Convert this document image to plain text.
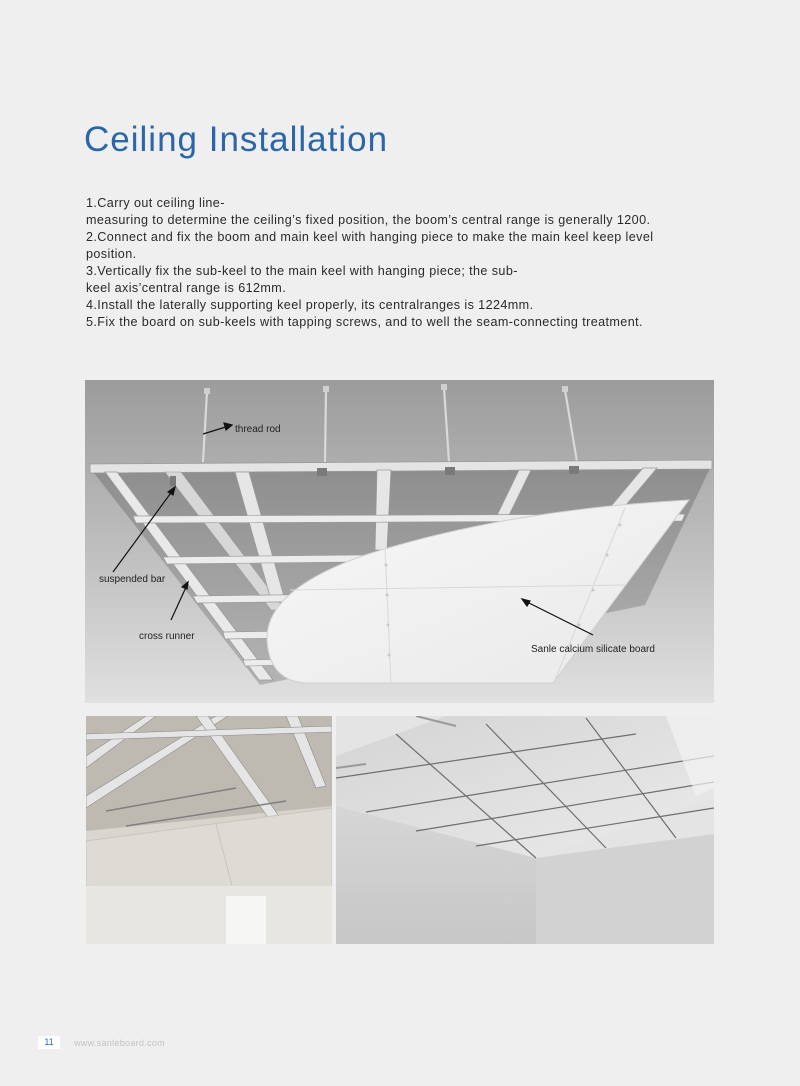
Ceiling Installation
1.Carry out ceiling line-
measuring to determine the ceiling’s fixed position, the boom’s central range is generally 1200.
2.Connect and fix the boom and main keel with hanging piece to make the main keel keep level
position.
3.Vertically fix the sub-keel to the main keel with hanging piece; the sub-
keel axis’central range is 612mm.
4.Install the laterally supporting keel properly, its centralranges is 1224mm.
5.Fix the board on sub-keels with tapping screws, and to well the seam-connecting treatment.
thread rod
suspended bar
cross runner
Sanle calcium silicate board
11	www.sanleboard.com
